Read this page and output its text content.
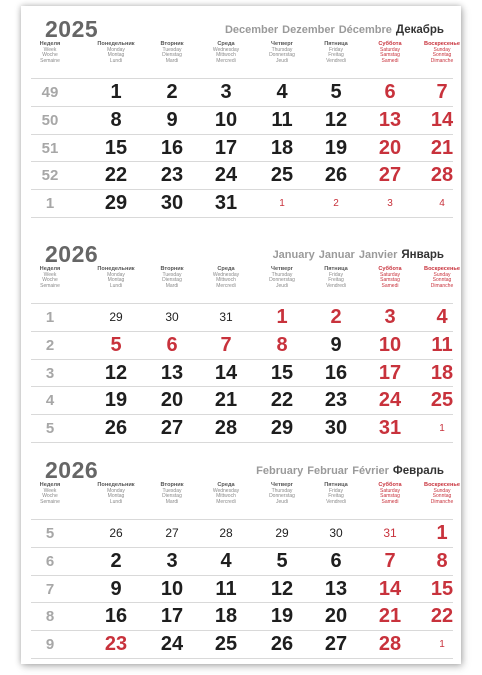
2025	December Dezember Décembre Декабрь
Неделя
Week
Woche
Semaine
Понедельник
Monday
Montag
Lundi
Вторник
Tuesday
Dienstag
Mardi
Среда
Wednesday
Mittwoch
Mercredi
Четверг
Thursday
Donnerstag
Jeudi
Пятница
Friday
Freitag
Vendredi
Суббота
Saturday
Samstag
Samedi
Воскресенье
Sunday
Sonntag
Dimanche
49	1	2	3	4	5	6	7
50	8	9	10	11	12	13	14
51	15	16	17	18	19	20	21
52	22	23	24	25	26	27	28
1	29	30	31	1	2	3	4
2026	January Januar Janvier Январь
Неделя
Week
Woche
Semaine
Понедельник
Monday
Montag
Lundi
Вторник
Tuesday
Dienstag
Mardi
Среда
Wednesday
Mittwoch
Mercredi
Четверг
Thursday
Donnerstag
Jeudi
Пятница
Friday
Freitag
Vendredi
Суббота
Saturday
Samstag
Samedi
Воскресенье
Sunday
Sonntag
Dimanche
1	29	30	31	1	2	3	4
2	5	6	7	8	9	10	11
3	12	13	14	15	16	17	18
4	19	20	21	22	23	24	25
5	26	27	28	29	30	31	1
2026	February Februar Février Февраль
Неделя
Week
Woche
Semaine
Понедельник
Monday
Montag
Lundi
Вторник
Tuesday
Dienstag
Mardi
Среда
Wednesday
Mittwoch
Mercredi
Четверг
Thursday
Donnerstag
Jeudi
Пятница
Friday
Freitag
Vendredi
Суббота
Saturday
Samstag
Samedi
Воскресенье
Sunday
Sonntag
Dimanche
5	26	27	28	29	30	31	1
6	2	3	4	5	6	7	8
7	9	10	11	12	13	14	15
8	16	17	18	19	20	21	22
9	23	24	25	26	27	28	1
